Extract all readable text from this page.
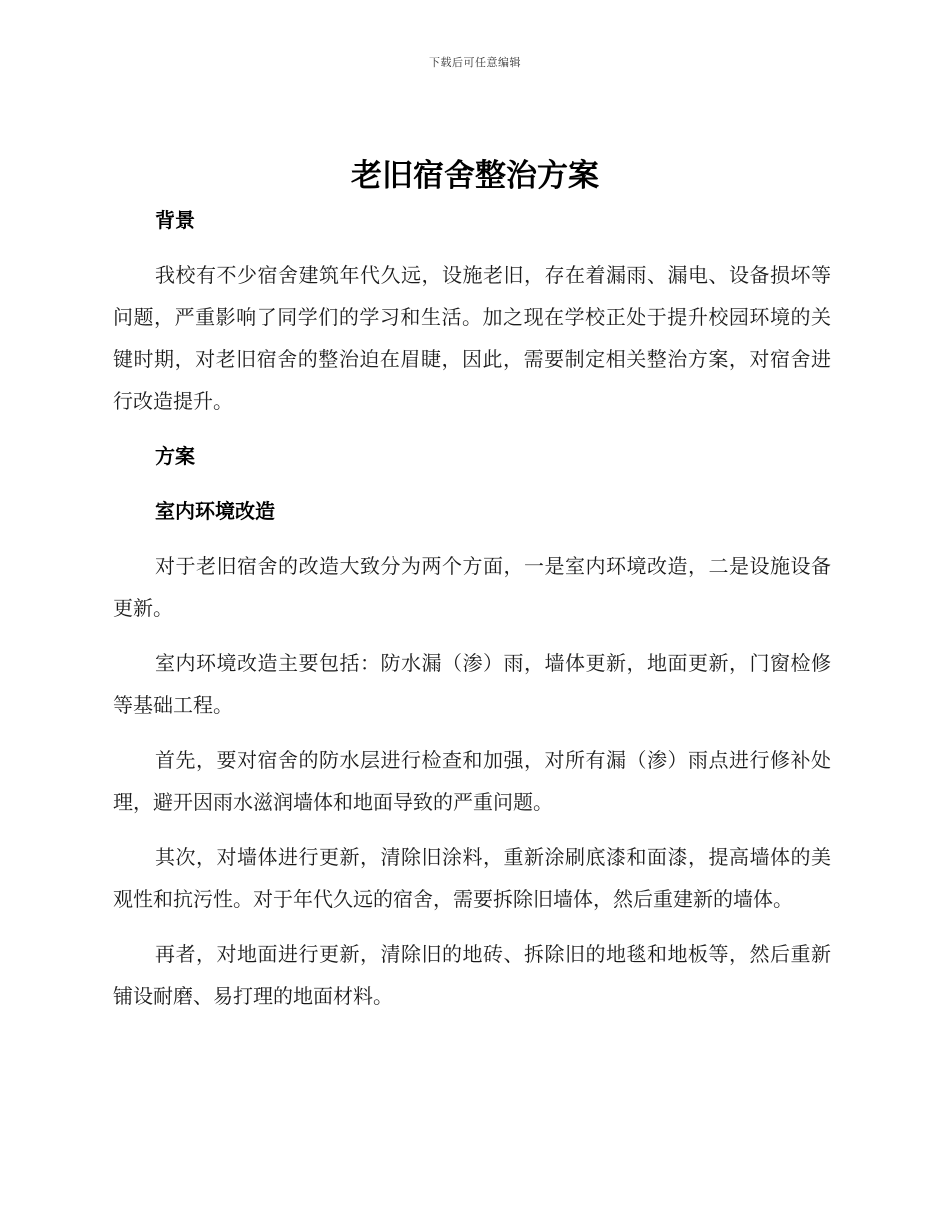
下载后可任意编辑
老旧宿舍整治方案
背景

我校有不少宿舍建筑年代久远，设施老旧，存在着漏雨、漏电、设备损坏等问题，严重影响了同学们的学习和生活。加之现在学校正处于提升校园环境的关键时期，对老旧宿舍的整治迫在眉睫，因此，需要制定相关整治方案，对宿舍进行改造提升。

方案
室内环境改造

对于老旧宿舍的改造大致分为两个方面，一是室内环境改造，二是设施设备更新。

室内环境改造主要包括：防水漏（渗）雨，墙体更新，地面更新，门窗检修等基础工程。

首先，要对宿舍的防水层进行检查和加强，对所有漏（渗）雨点进行修补处理，避开因雨水滋润墙体和地面导致的严重问题。

其次，对墙体进行更新，清除旧涂料，重新涂刷底漆和面漆，提高墙体的美观性和抗污性。对于年代久远的宿舍，需要拆除旧墙体，然后重建新的墙体。

再者，对地面进行更新，清除旧的地砖、拆除旧的地毯和地板等，然后重新铺设耐磨、易打理的地面材料。
